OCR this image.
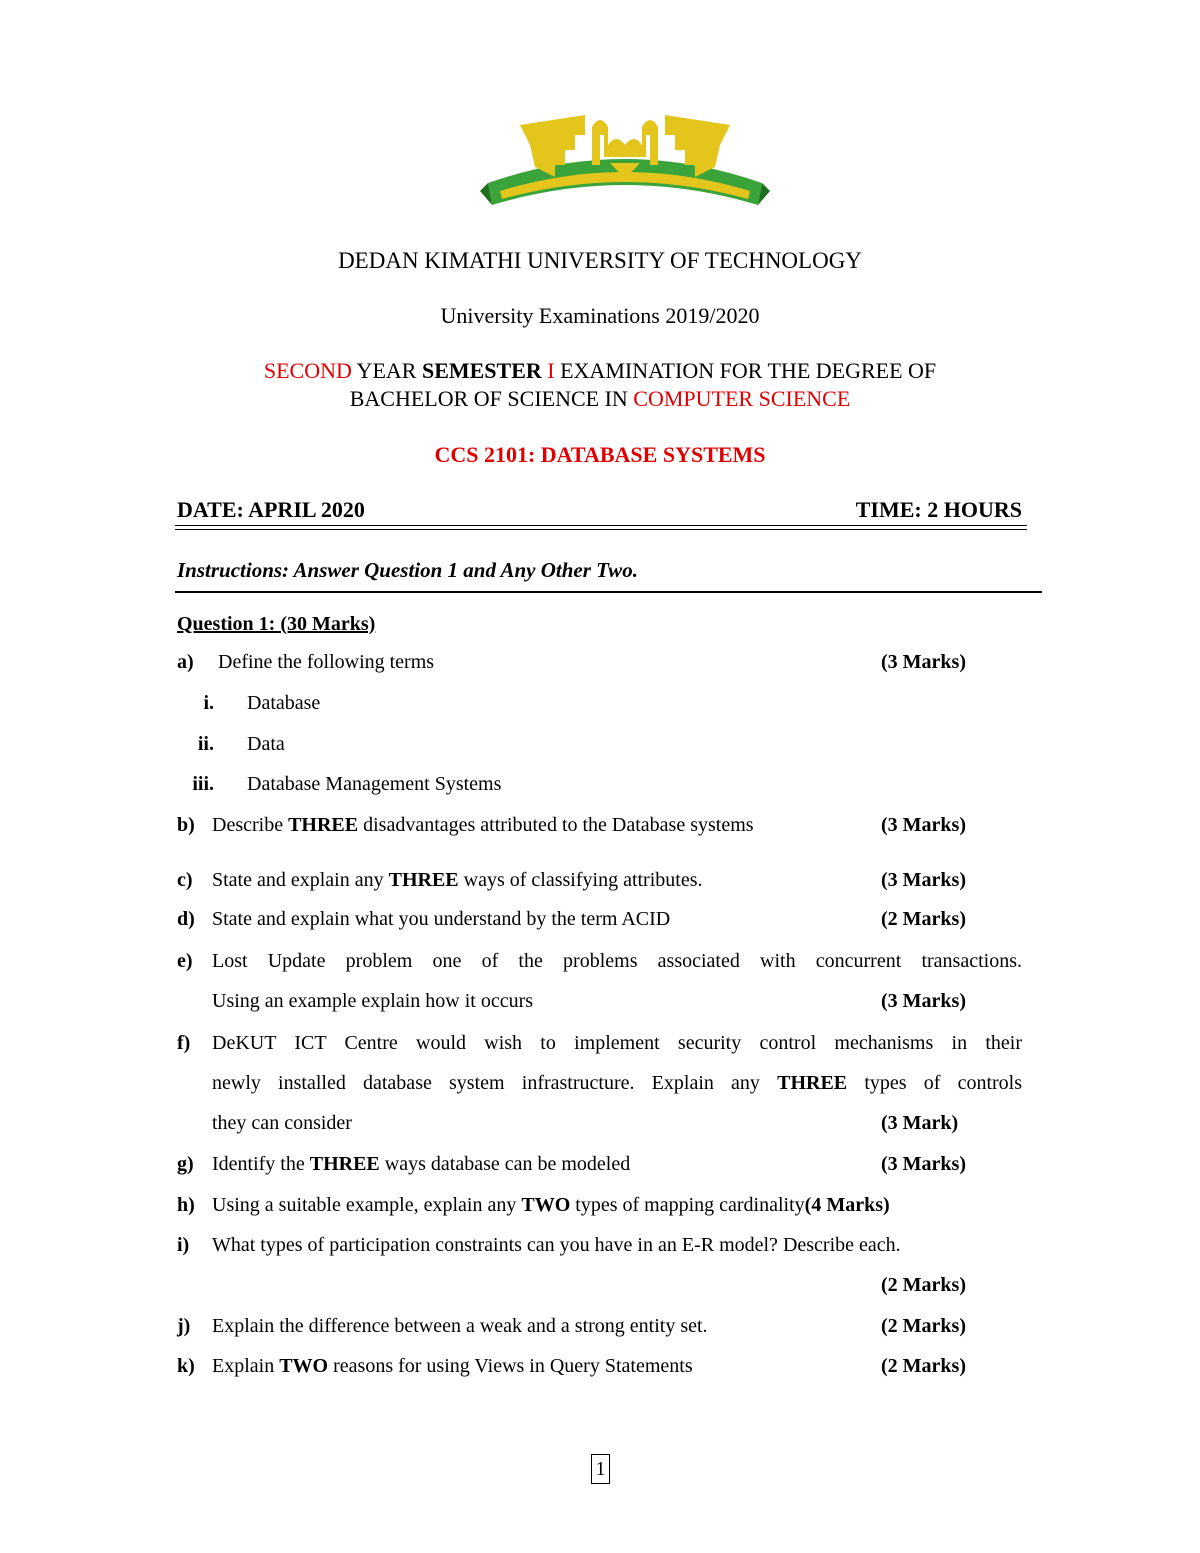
DEDAN KIMATHI UNIVERSITY OF TECHNOLOGY
University Examinations 2019/2020
SECOND YEAR SEMESTER I EXAMINATION FOR THE DEGREE OF
BACHELOR OF SCIENCE IN COMPUTER SCIENCE
CCS 2101: DATABASE SYSTEMS
DATE: APRIL 2020	TIME: 2 HOURS
Instructions: Answer Question 1 and Any Other Two.
Question 1: (30 Marks)
a) Define the following terms	(3 Marks)
i. Database
ii. Data
iii. Database Management Systems
b) Describe THREE disadvantages attributed to the Database systems	(3 Marks)
c) State and explain any THREE ways of classifying attributes.	(3 Marks)
d) State and explain what you understand by the term ACID	(2 Marks)
e) Lost Update problem one of the problems associated with concurrent transactions.
Using an example explain how it occurs	(3 Marks)
f) DeKUT ICT Centre would wish to implement security control mechanisms in their
newly installed database system infrastructure. Explain any THREE types of controls
they can consider	(3 Mark)
g) Identify the THREE ways database can be modeled	(3 Marks)
h) Using a suitable example, explain any TWO types of mapping cardinality(4 Marks)
i) What types of participation constraints can you have in an E-R model? Describe each.
(2 Marks)
j) Explain the difference between a weak and a strong entity set.	(2 Marks)
k) Explain TWO reasons for using Views in Query Statements	(2 Marks)
1
